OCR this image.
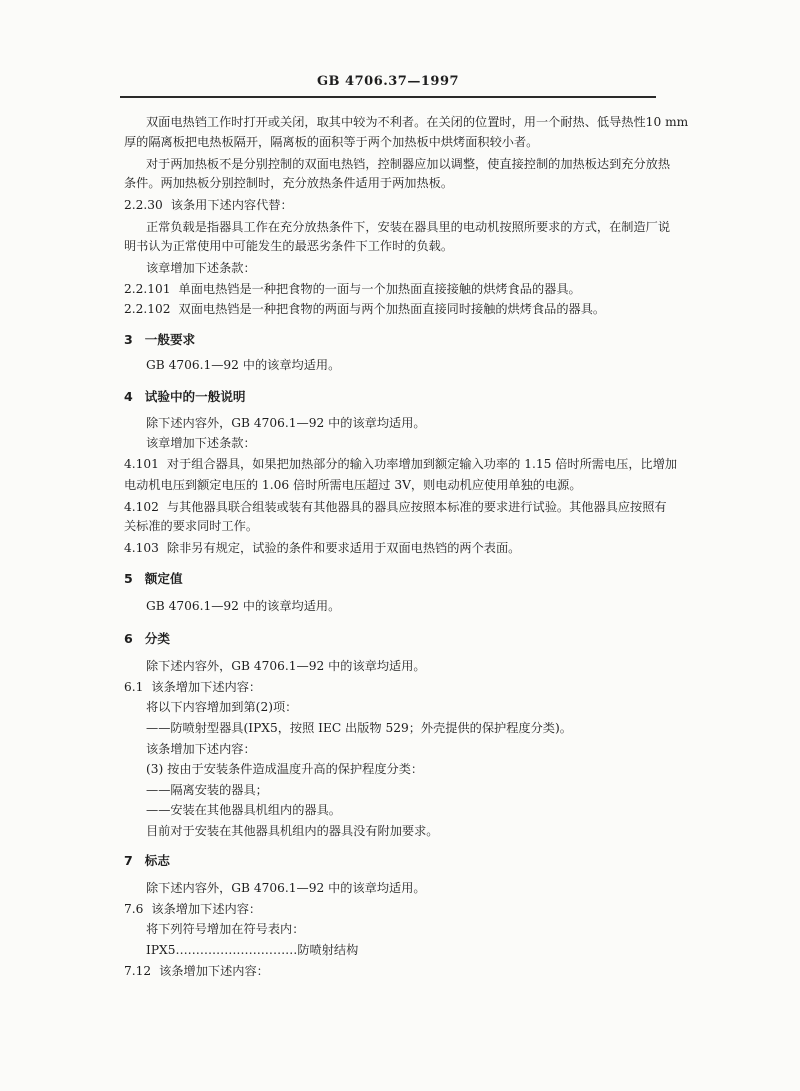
GB 4706.37—1997
双面电热铛工作时打开或关闭，取其中较为不利者。在关闭的位置时，用一个耐热、低导热性10 mm
厚的隔离板把电热板隔开，隔离板的面积等于两个加热板中烘烤面积较小者。
对于两加热板不是分别控制的双面电热铛，控制器应加以调整，使直接控制的加热板达到充分放热
条件。两加热板分别控制时，充分放热条件适用于两加热板。
2.2.30 该条用下述内容代替：
正常负载是指器具工作在充分放热条件下，安装在器具里的电动机按照所要求的方式，在制造厂说
明书认为正常使用中可能发生的最恶劣条件下工作时的负载。
该章增加下述条款：
2.2.101 单面电热铛是一种把食物的一面与一个加热面直接接触的烘烤食品的器具。
2.2.102 双面电热铛是一种把食物的两面与两个加热面直接同时接触的烘烤食品的器具。
3 一般要求
GB 4706.1—92 中的该章均适用。
4 试验中的一般说明
除下述内容外，GB 4706.1—92 中的该章均适用。
该章增加下述条款：
4.101 对于组合器具，如果把加热部分的输入功率增加到额定输入功率的 1.15 倍时所需电压，比增加
电动机电压到额定电压的 1.06 倍时所需电压超过 3V，则电动机应使用单独的电源。
4.102 与其他器具联合组装或装有其他器具的器具应按照本标准的要求进行试验。其他器具应按照有
关标准的要求同时工作。
4.103 除非另有规定，试验的条件和要求适用于双面电热铛的两个表面。
5 额定值
GB 4706.1—92 中的该章均适用。
6 分类
除下述内容外，GB 4706.1—92 中的该章均适用。
6.1 该条增加下述内容：
将以下内容增加到第(2)项：
——防喷射型器具(IPX5，按照 IEC 出版物 529；外壳提供的保护程度分类)。
该条增加下述内容：
(3) 按由于安装条件造成温度升高的保护程度分类：
——隔离安装的器具；
——安装在其他器具机组内的器具。
目前对于安装在其他器具机组内的器具没有附加要求。
7 标志
除下述内容外，GB 4706.1—92 中的该章均适用。
7.6 该条增加下述内容：
将下列符号增加在符号表内：
IPX5…………………………防喷射结构
7.12 该条增加下述内容：
